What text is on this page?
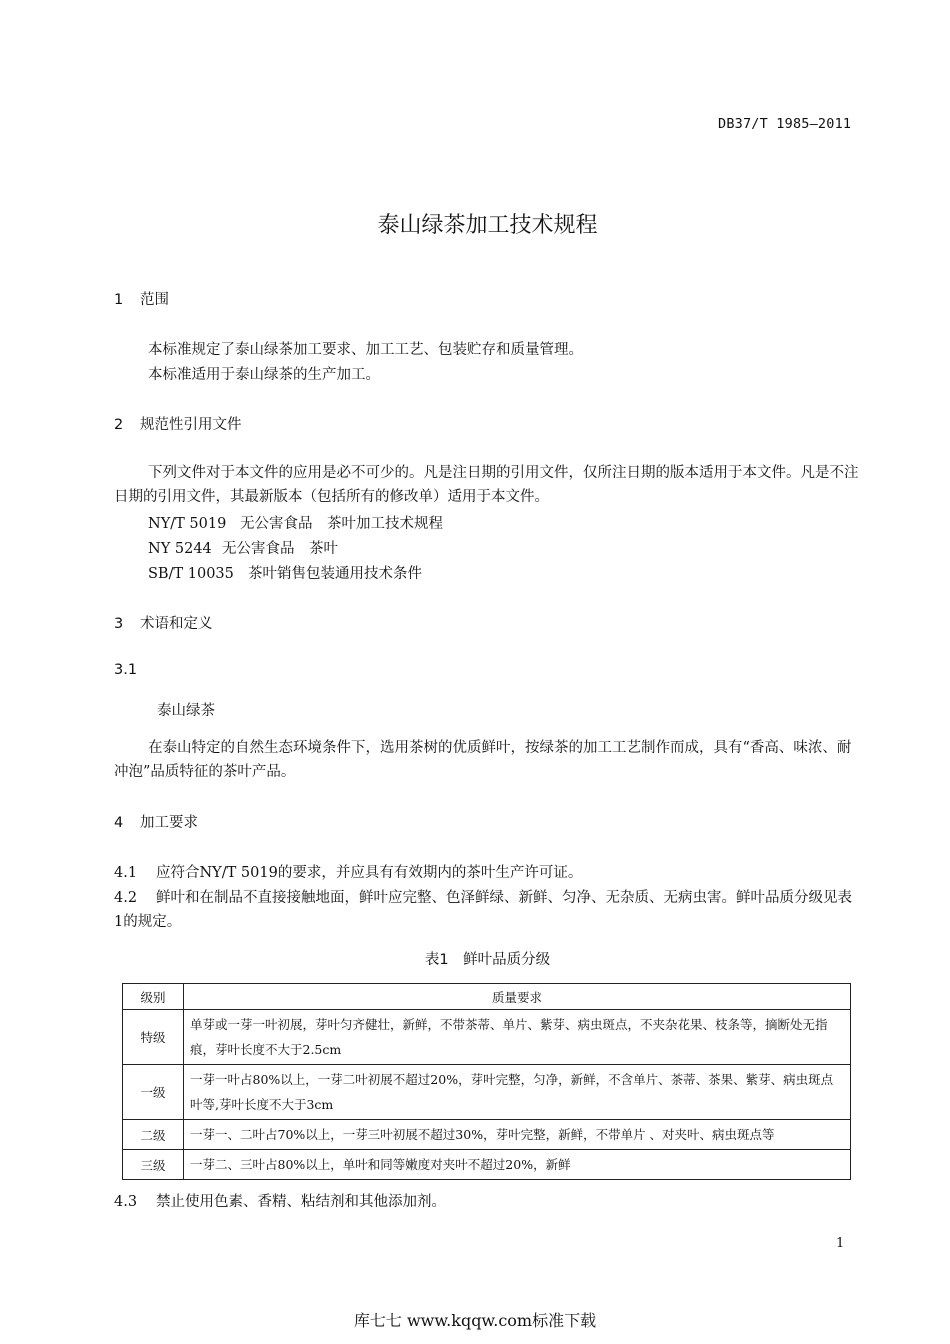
DB37/T 1985—2011
泰山绿茶加工技术规程
1 范围
本标准规定了泰山绿茶加工要求、加工工艺、包装贮存和质量管理。
本标准适用于泰山绿茶的生产加工。
2 规范性引用文件
下列文件对于本文件的应用是必不可少的。凡是注日期的引用文件，仅所注日期的版本适用于本文件。凡是不注日期的引用文件，其最新版本（包括所有的修改单）适用于本文件。
NY/T 5019 无公害食品　茶叶加工技术规程
NY 5244 无公害食品　茶叶
SB/T 10035 茶叶销售包装通用技术条件
3 术语和定义
3.1
泰山绿茶
在泰山特定的自然生态环境条件下，选用茶树的优质鲜叶，按绿茶的加工工艺制作而成，具有“香高、味浓、耐冲泡”品质特征的茶叶产品。
4 加工要求
4.1 应符合NY/T 5019的要求，并应具有有效期内的茶叶生产许可证。
4.2 鲜叶和在制品不直接接触地面，鲜叶应完整、色泽鲜绿、新鲜、匀净、无杂质、无病虫害。鲜叶品质分级见表1的规定。
表1　鲜叶品质分级
级别	质量要求
特级	单芽或一芽一叶初展，芽叶匀齐健壮，新鲜，不带茶蒂、单片、紫芽、病虫斑点，不夹杂花果、枝条等，摘断处无指痕，芽叶长度不大于2.5cm
一级	一芽一叶占80%以上，一芽二叶初展不超过20%，芽叶完整，匀净，新鲜，不含单片、茶蒂、茶果、紫芽、病虫斑点叶等,芽叶长度不大于3cm
二级	一芽一、二叶占70%以上，一芽三叶初展不超过30%，芽叶完整，新鲜，不带单片 、对夹叶、病虫斑点等
三级	一芽二、三叶占80%以上，单叶和同等嫩度对夹叶不超过20%，新鲜
4.3 禁止使用色素、香精、粘结剂和其他添加剂。
1
库七七 www.kqqw.com标准下载
